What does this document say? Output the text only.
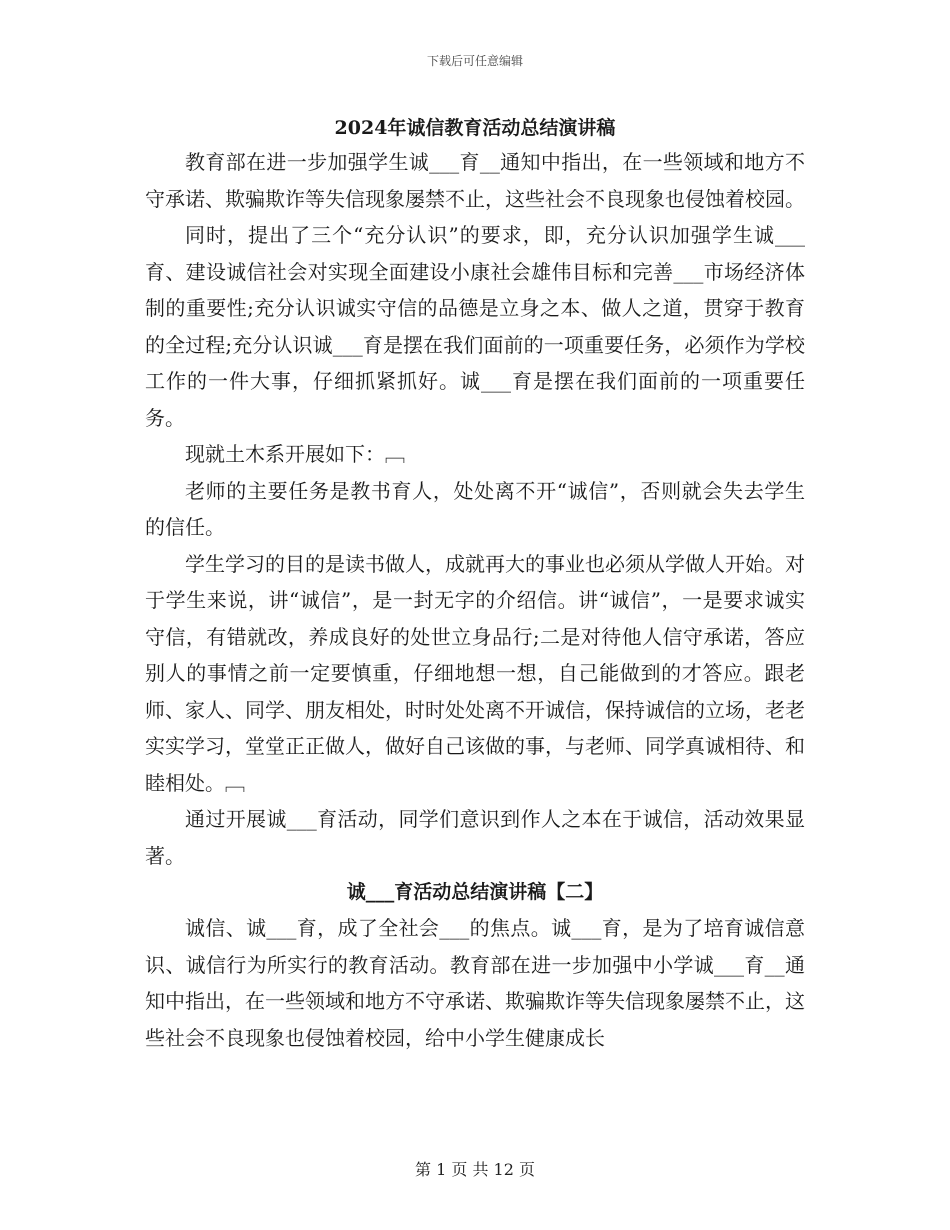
下载后可任意编辑
2024年诚信教育活动总结演讲稿

教育部在进一步加强学生诚___育__通知中指出，在一些领域和地方不守承诺、欺骗欺诈等失信现象屡禁不止，这些社会不良现象也侵蚀着校园。

同时，提出了三个“充分认识”的要求，即，充分认识加强学生诚___育、建设诚信社会对实现全面建设小康社会雄伟目标和完善___市场经济体制的重要性;充分认识诚实守信的品德是立身之本、做人之道，贯穿于教育的全过程;充分认识诚___育是摆在我们面前的一项重要任务，必须作为学校工作的一件大事，仔细抓紧抓好。诚___育是摆在我们面前的一项重要任务。

现就土木系开展如下：﹇

老师的主要任务是教书育人，处处离不开“诚信”，否则就会失去学生的信任。

学生学习的目的是读书做人，成就再大的事业也必须从学做人开始。对于学生来说，讲“诚信”，是一封无字的介绍信。讲“诚信”，一是要求诚实守信，有错就改，养成良好的处世立身品行;二是对待他人信守承诺，答应别人的事情之前一定要慎重，仔细地想一想，自己能做到的才答应。跟老师、家人、同学、朋友相处，时时处处离不开诚信，保持诚信的立场，老老实实学习，堂堂正正做人，做好自己该做的事，与老师、同学真诚相待、和睦相处。﹇

通过开展诚___育活动，同学们意识到作人之本在于诚信，活动效果显著。

诚___育活动总结演讲稿【二】

诚信、诚___育，成了全社会___的焦点。诚___育，是为了培育诚信意识、诚信行为所实行的教育活动。教育部在进一步加强中小学诚___育__通知中指出，在一些领域和地方不守承诺、欺骗欺诈等失信现象屡禁不止，这些社会不良现象也侵蚀着校园，给中小学生健康成长

第 1 页 共 12 页
